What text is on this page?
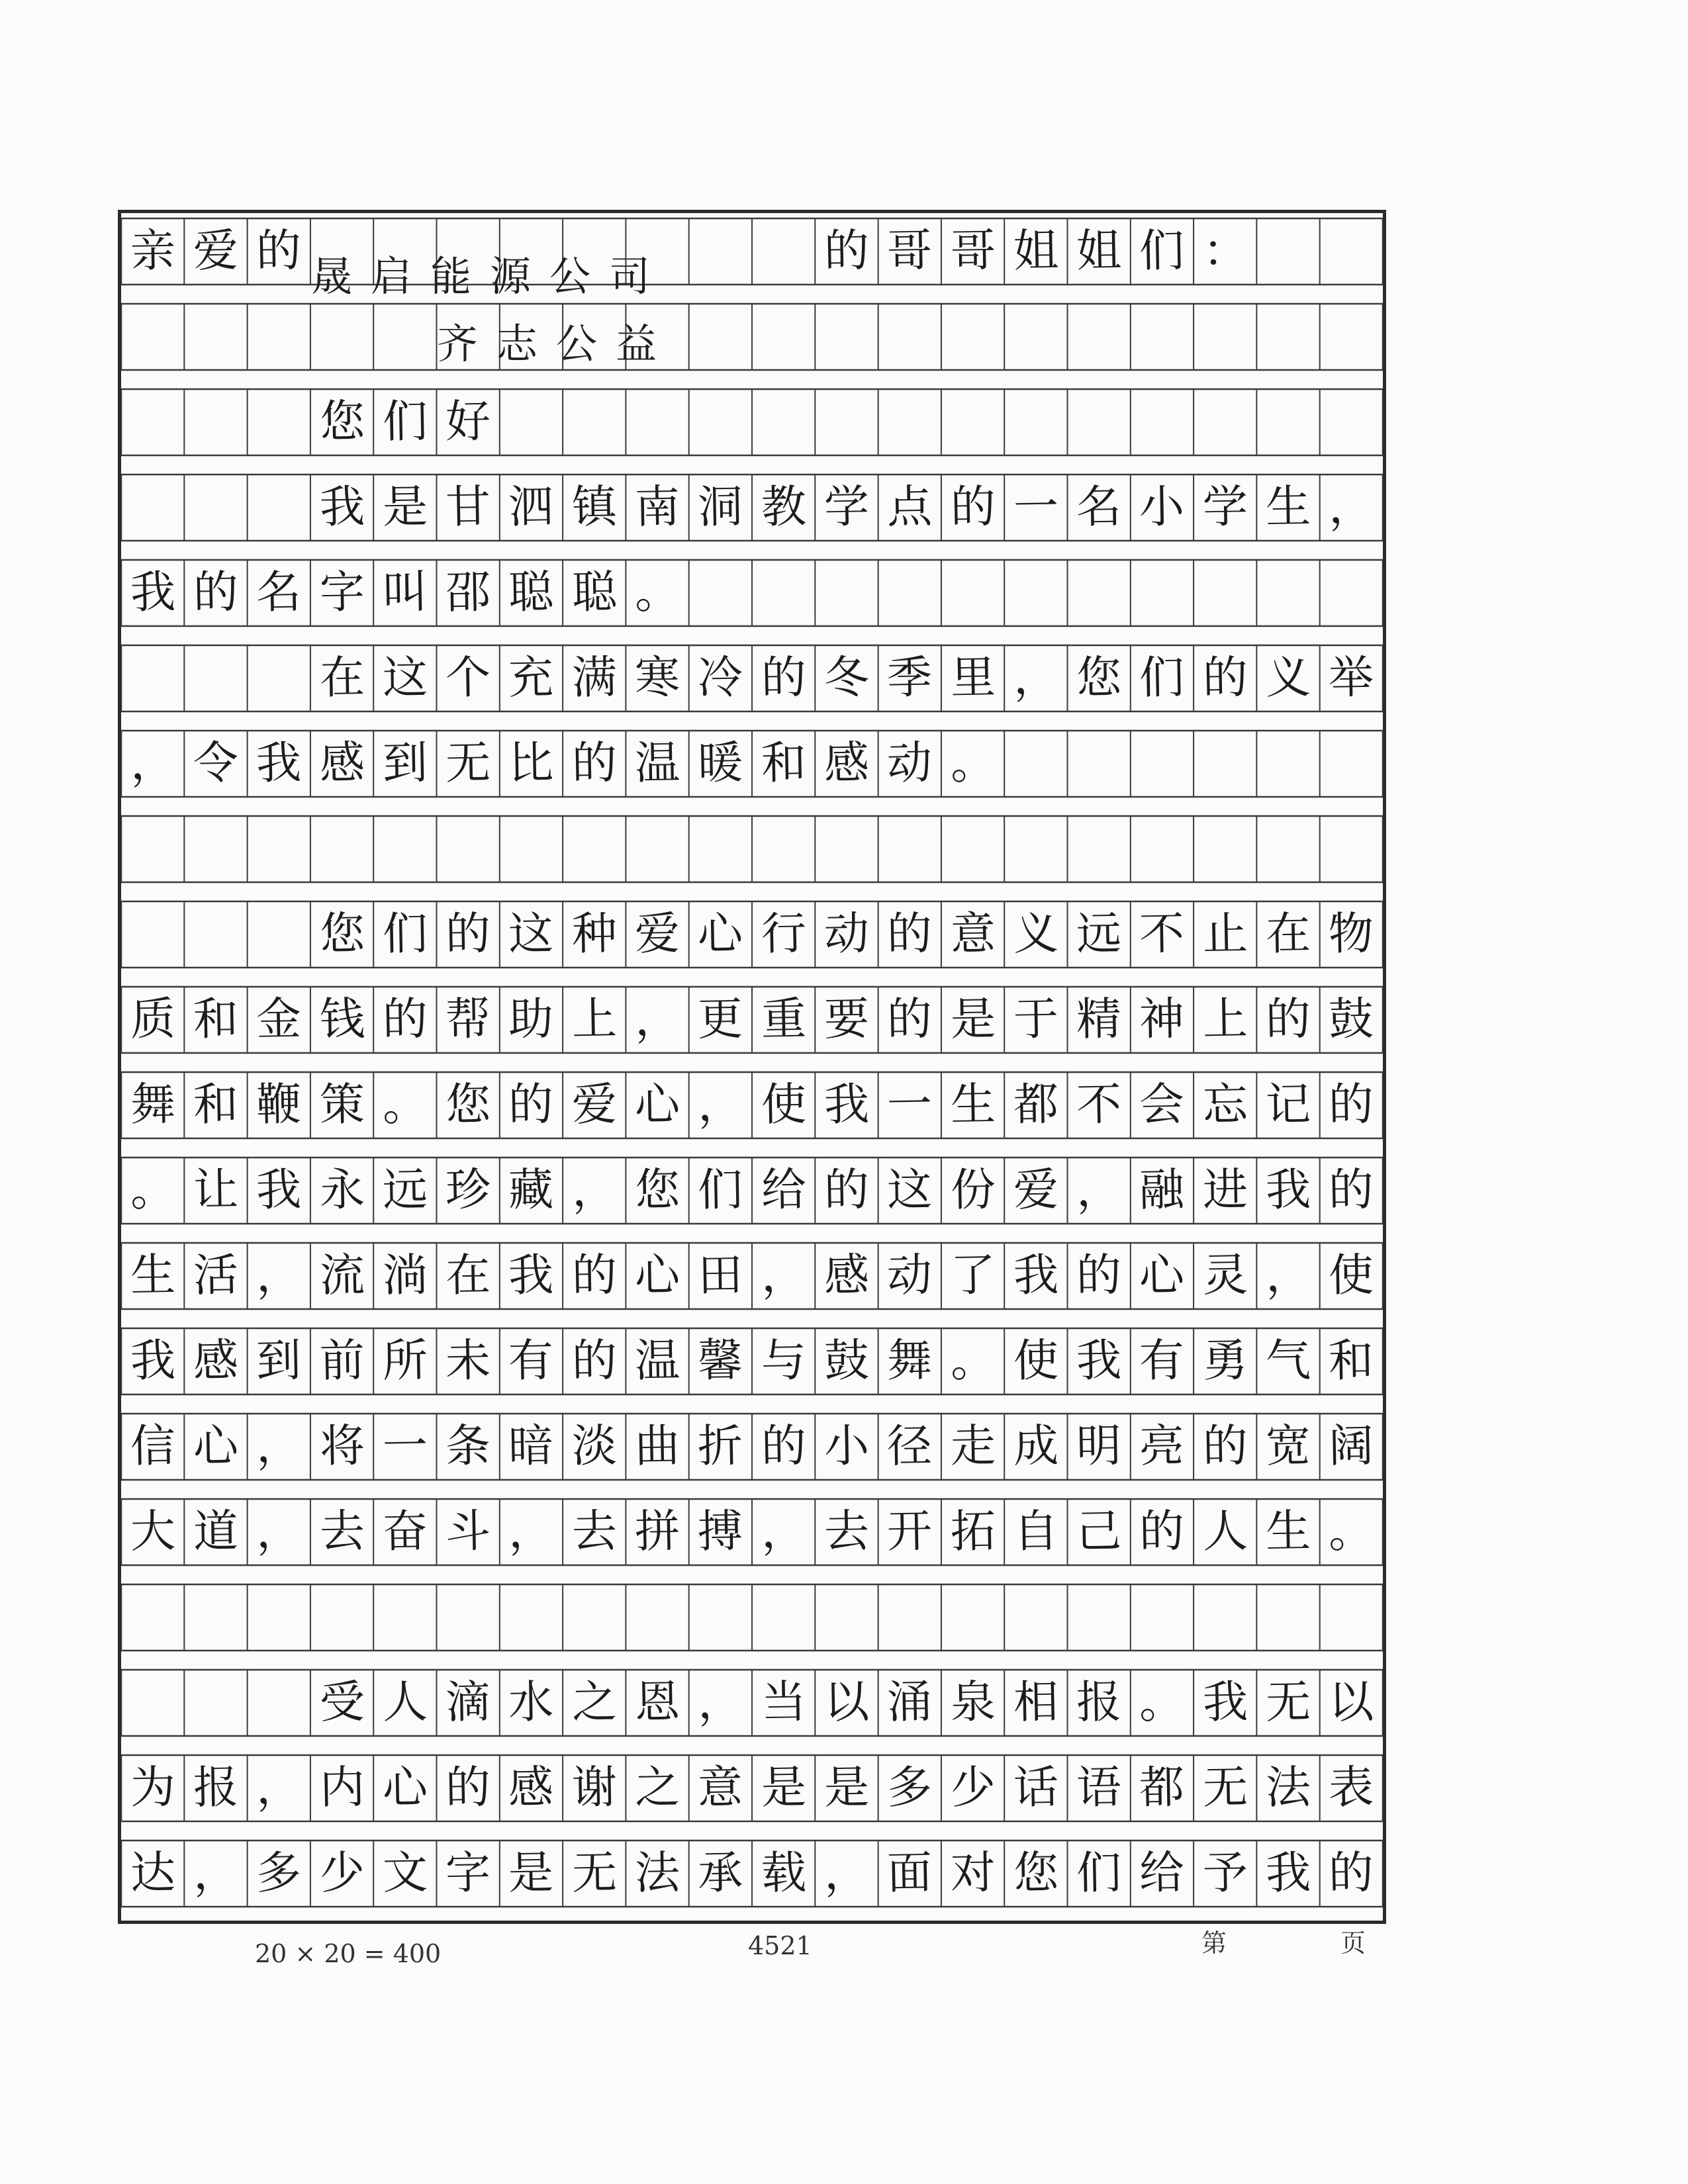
亲 爱 的	的 哥 哥 姐 姐 们 ：
您 们 好
我 是 甘 泗 镇 南 洞 教 学 点 的 一 名 小 学 生 ，
我 的 名 字 叫 邵 聪 聪 。
在 这 个 充 满 寒 冷 的 冬 季 里 ， 您 们 的 义 举
， 令 我 感 到 无 比 的 温 暖 和 感 动 。
您 们 的 这 种 爱 心 行 动 的 意 义 远 不 止 在 物
质 和 金 钱 的 帮 助 上 ， 更 重 要 的 是 于 精 神 上 的 鼓
舞 和 鞭 策 。 您 的 爱 心 ， 使 我 一 生 都 不 会 忘 记 的
。 让 我 永 远 珍 藏 ， 您 们 给 的 这 份 爱 ， 融 进 我 的
生 活 ， 流 淌 在 我 的 心 田 ， 感 动 了 我 的 心 灵 ， 使
我 感 到 前 所 未 有 的 温 馨 与 鼓 舞 。 使 我 有 勇 气 和
信 心 ， 将 一 条 暗 淡 曲 折 的 小 径 走 成 明 亮 的 宽 阔
大 道 ， 去 奋 斗 ， 去 拼 搏 ， 去 开 拓 自 己 的 人 生 。
受 人 滴 水 之 恩 ， 当 以 涌 泉 相 报 。 我 无 以
为 报 ， 内 心 的 感 谢 之 意 是 是 多 少 话 语 都 无 法 表
达 ， 多 少 文 字 是 无 法 承 载 ， 面 对 您 们 给 予 我 的
晟启能源公司
齐志公益
20 × 20 = 400	4521	第	页
